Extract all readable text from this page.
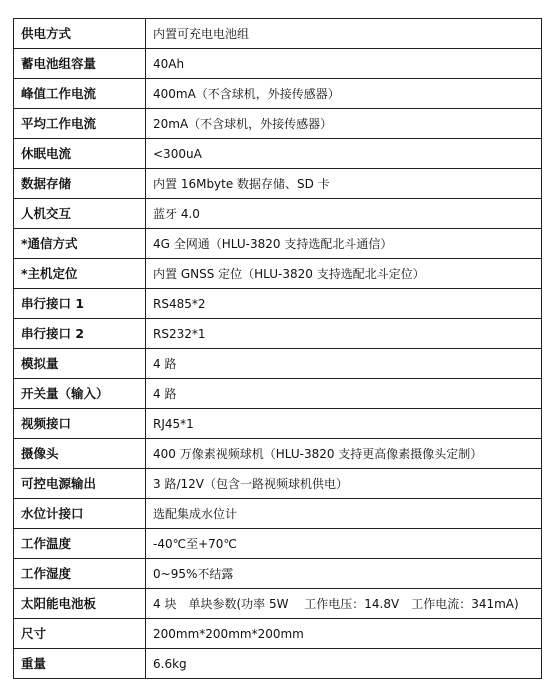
供电方式	内置可充电电池组
蓄电池组容量	40Ah
峰值工作电流	400mA（不含球机，外接传感器）
平均工作电流	20mA（不含球机，外接传感器）
休眠电流	<300uA
数据存储	内置 16Mbyte 数据存储、SD 卡
人机交互	蓝牙 4.0
*通信方式	4G 全网通（HLU-3820 支持选配北斗通信）
*主机定位	内置 GNSS 定位（HLU-3820 支持选配北斗定位）
串行接口 1	RS485*2
串行接口 2	RS232*1
模拟量	4 路
开关量（输入）	4 路
视频接口	RJ45*1
摄像头	400 万像素视频球机（HLU-3820 支持更高像素摄像头定制）
可控电源输出	3 路/12V（包含一路视频球机供电）
水位计接口	选配集成水位计
工作温度	-40℃至+70℃
工作湿度	0~95%不结露
太阳能电池板	4 块　单块参数(功率 5W　 工作电压：14.8V　工作电流：341mA)
尺寸	200mm*200mm*200mm
重量	6.6kg
